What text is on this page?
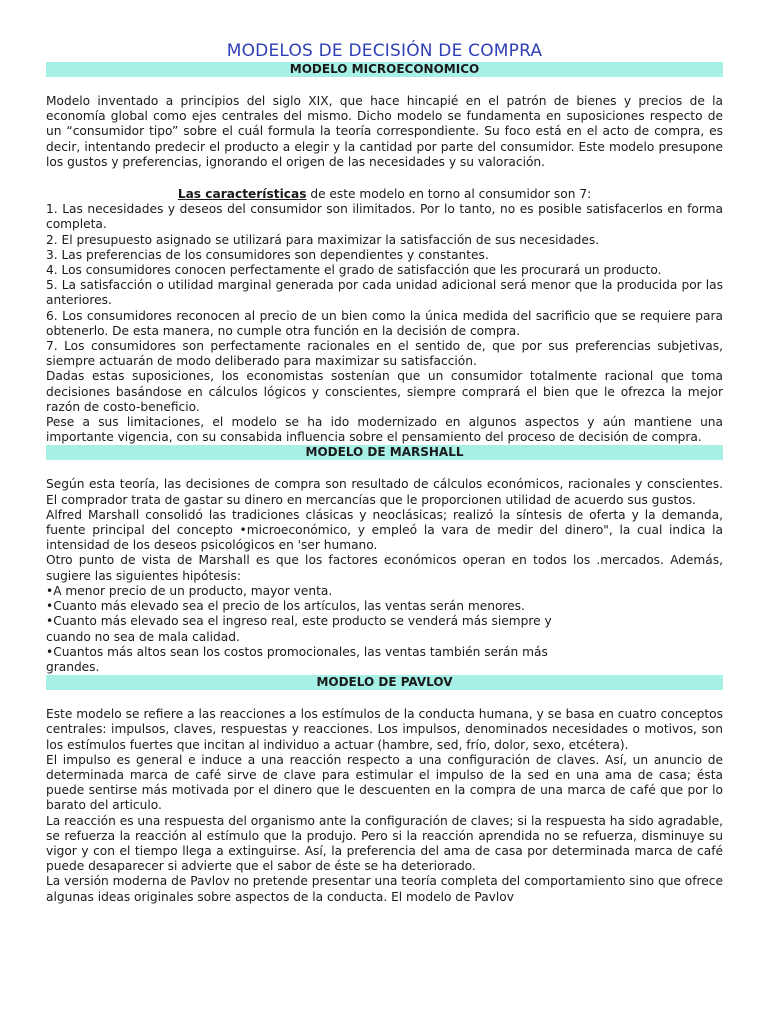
MODELOS DE DECISIÓN DE COMPRA
MODELO MICROECONOMICO

Modelo inventado a principios del siglo XIX, que hace hincapié en el patrón de bienes y precios de la economía global como ejes centrales del mismo. Dicho modelo se fundamenta en suposiciones respecto de un “consumidor tipo” sobre el cuál formula la teoría correspondiente. Su foco está en el acto de compra, es decir, intentando predecir el producto a elegir y la cantidad por parte del consumidor. Este modelo presupone los gustos y preferencias, ignorando el origen de las necesidades y su valoración.

Las características de este modelo en torno al consumidor son 7:

1. Las necesidades y deseos del consumidor son ilimitados. Por lo tanto, no es posible satisfacerlos en forma completa.

2. El presupuesto asignado se utilizará para maximizar la satisfacción de sus necesidades.

3. Las preferencias de los consumidores son dependientes y constantes.

4. Los consumidores conocen perfectamente el grado de satisfacción que les procurará un producto.

5. La satisfacción o utilidad marginal generada por cada unidad adicional será menor que la producida por las anteriores.

6. Los consumidores reconocen al precio de un bien como la única medida del sacrificio que se requiere para obtenerlo. De esta manera, no cumple otra función en la decisión de compra.

7. Los consumidores son perfectamente racionales en el sentido de, que por sus preferencias subjetivas, siempre actuarán de modo deliberado para maximizar su satisfacción.

Dadas estas suposiciones, los economistas sostenían que un consumidor totalmente racional que toma decisiones basándose en cálculos lógicos y conscientes, siempre comprará el bien que le ofrezca la mejor razón de costo-beneficio.

Pese a sus limitaciones, el modelo se ha ido modernizado en algunos aspectos y aún mantiene una importante vigencia, con su consabida influencia sobre el pensamiento del proceso de decisión de compra.

MODELO DE MARSHALL

Según esta teoría, las decisiones de compra son resultado de cálculos económicos, racionales y conscientes. El comprador trata de gastar su dinero en mercancías que le proporcionen utilidad de acuerdo sus gustos.

Alfred Marshall consolidó las tradiciones clásicas y neoclásicas; realizó la síntesis de oferta y la demanda, fuente principal del concepto •microeconómico, y empleó la vara de medir del dinero", la cual indica la intensidad de los deseos psicológicos en 'ser humano.

Otro punto de vista de Marshall es que los factores económicos operan en todos los .mercados. Además, sugiere las siguientes hipótesis:

•A menor precio de un producto, mayor venta.

•Cuanto más elevado sea el precio de los artículos, las ventas serán menores.

•Cuanto más elevado sea el ingreso real, este producto se venderá más siempre y

cuando no sea de mala calidad.

•Cuantos más altos sean los costos promocionales, las ventas también serán más

grandes.

MODELO DE PAVLOV

Este modelo se refiere a las reacciones a los estímulos de la conducta humana, y se basa en cuatro conceptos centrales: impulsos, claves, respuestas y reacciones. Los impulsos, denominados necesidades o motivos, son los estímulos fuertes que incitan al individuo a actuar (hambre, sed, frío, dolor, sexo, etcétera).

El impulso es general e induce a una reacción respecto a una configuración de claves. Así, un anuncio de determinada marca de café sirve de clave para estimular el impulso de la sed en una ama de casa; ésta puede sentirse más motivada por el dinero que le descuenten en la compra de una marca de café que por lo barato del articulo.

La reacción es una respuesta del organismo ante la configuración de claves; si la respuesta ha sido agradable, se refuerza la reacción al estímulo que la produjo. Pero si la reacción aprendida no se refuerza, disminuye su vigor y con el tiempo llega a extinguirse. Así, la preferencia del ama de casa por determinada marca de café puede desaparecer si advierte que el sabor de éste se ha deteriorado.

La versión moderna de Pavlov no pretende presentar una teoría completa del comportamiento sino que ofrece algunas ideas originales sobre aspectos de la conducta. El modelo de Pavlov
